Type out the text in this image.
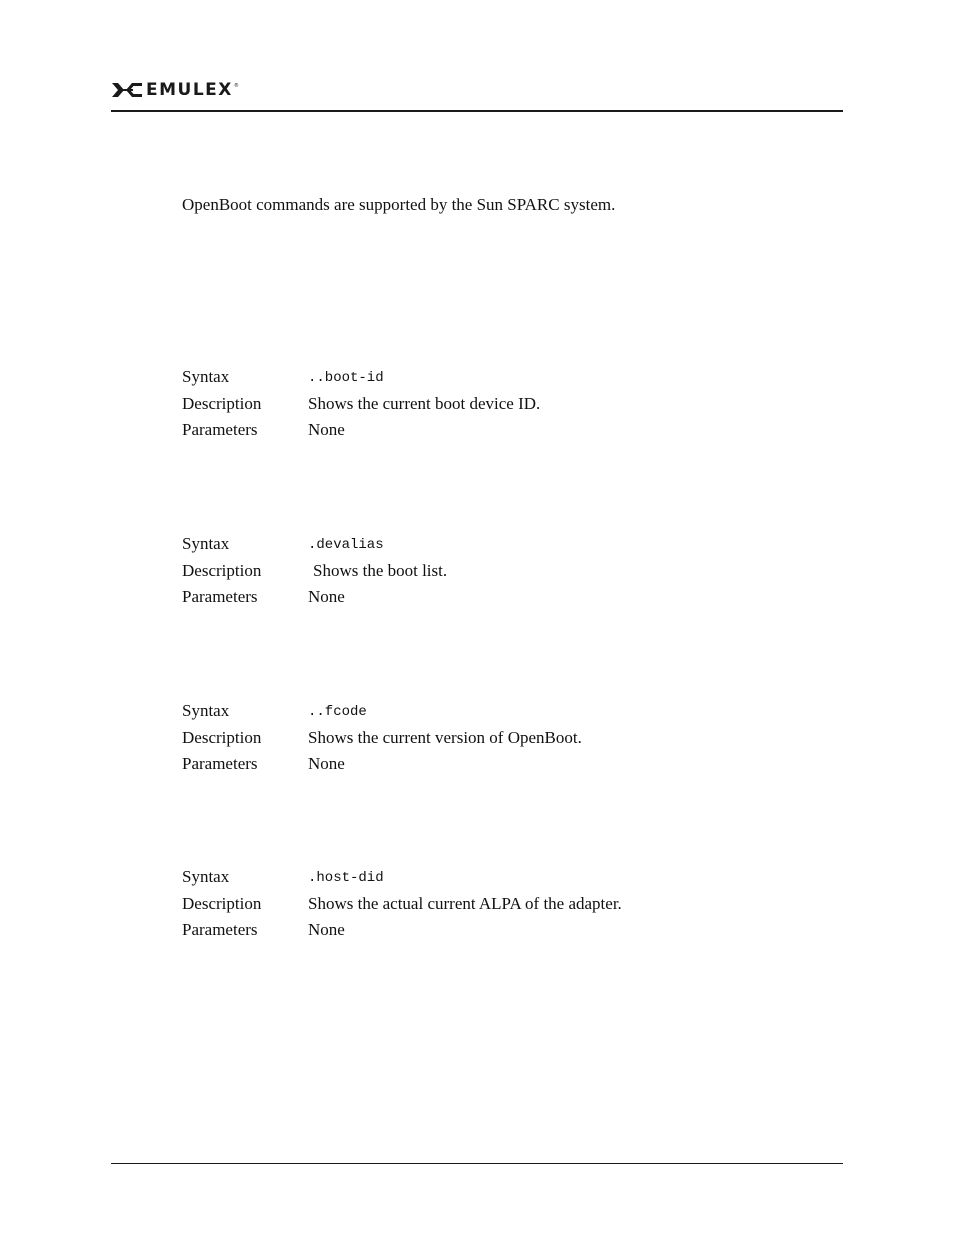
EMULEX ®
OpenBoot commands are supported by the Sun SPARC system.
Syntax	..boot-id
Description	Shows the current boot device ID.
Parameters	None
Syntax	.devalias
Description	Shows the boot list.
Parameters	None
Syntax	..fcode
Description	Shows the current version of OpenBoot.
Parameters	None
Syntax	.host-did
Description	Shows the actual current ALPA of the adapter.
Parameters	None
